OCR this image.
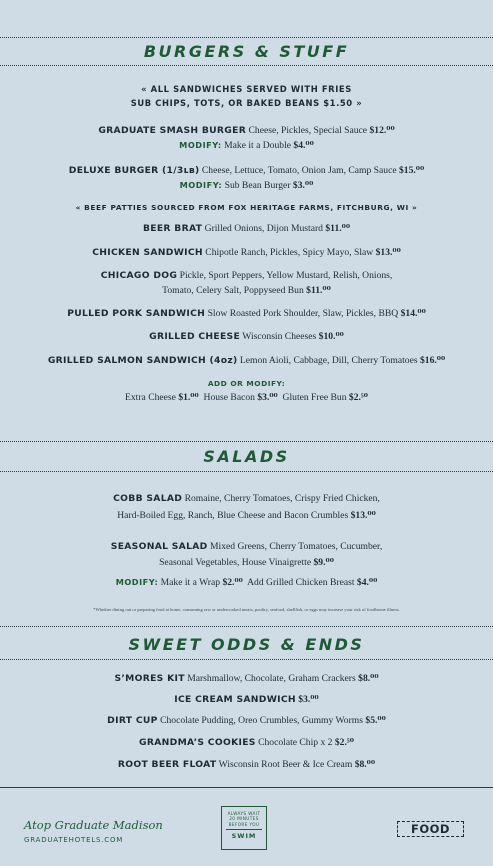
BURGERS & STUFF
« ALL SANDWICHES SERVED WITH FRIES
SUB CHIPS, TOTS, OR BAKED BEANS $1.50 »
GRADUATE SMASH BURGER Cheese, Pickles, Special Sauce $12.⁰⁰
MODIFY: Make it a Double $4.⁰⁰
DELUXE BURGER (1/3ʟʙ) Cheese, Lettuce, Tomato, Onion Jam, Camp Sauce $15.⁰⁰
MODIFY: Sub Bean Burger $3.⁰⁰
« BEEF PATTIES SOURCED FROM FOX HERITAGE FARMS, FITCHBURG, WI »
BEER BRAT Grilled Onions, Dijon Mustard $11.⁰⁰
CHICKEN SANDWICH Chipotle Ranch, Pickles, Spicy Mayo, Slaw $13.⁰⁰
CHICAGO DOG Pickle, Sport Peppers, Yellow Mustard, Relish, Onions,
Tomato, Celery Salt, Poppyseed Bun $11.⁰⁰
PULLED PORK SANDWICH Slow Roasted Pork Shoulder, Slaw, Pickles, BBQ $14.⁰⁰
GRILLED CHEESE Wisconsin Cheeses $10.⁰⁰
GRILLED SALMON SANDWICH (4oz) Lemon Aioli, Cabbage, Dill, Cherry Tomatoes $16.⁰⁰
ADD OR MODIFY:
Extra Cheese $1.⁰⁰ House Bacon $3.⁰⁰ Gluten Free Bun $2.⁵⁰
SALADS
COBB SALAD Romaine, Cherry Tomatoes, Crispy Fried Chicken,
Hard-Boiled Egg, Ranch, Blue Cheese and Bacon Crumbles $13.⁰⁰
SEASONAL SALAD Mixed Greens, Cherry Tomatoes, Cucumber,
Seasonal Vegetables, House Vinaigrette $9.⁰⁰
MODIFY: Make it a Wrap $2.⁰⁰ Add Grilled Chicken Breast $4.⁰⁰
*Whether dining out or preparing food at home, consuming raw or undercooked meats, poultry, seafood, shellfish, or eggs may increase your risk of foodborne illness.
SWEET ODDS & ENDS
S’MORES KIT Marshmallow, Chocolate, Graham Crackers $8.⁰⁰
ICE CREAM SANDWICH $3.⁰⁰
DIRT CUP Chocolate Pudding, Oreo Crumbles, Gummy Worms $5.⁰⁰
GRANDMA’S COOKIES Chocolate Chip x 2 $2.⁵⁰
ROOT BEER FLOAT Wisconsin Root Beer & Ice Cream $8.⁰⁰
Atop Graduate Madison
GRADUATEHOTELS.COM
ALWAYS WAIT
20 MINUTES
BEFORE YOU
SWIM	FOOD
